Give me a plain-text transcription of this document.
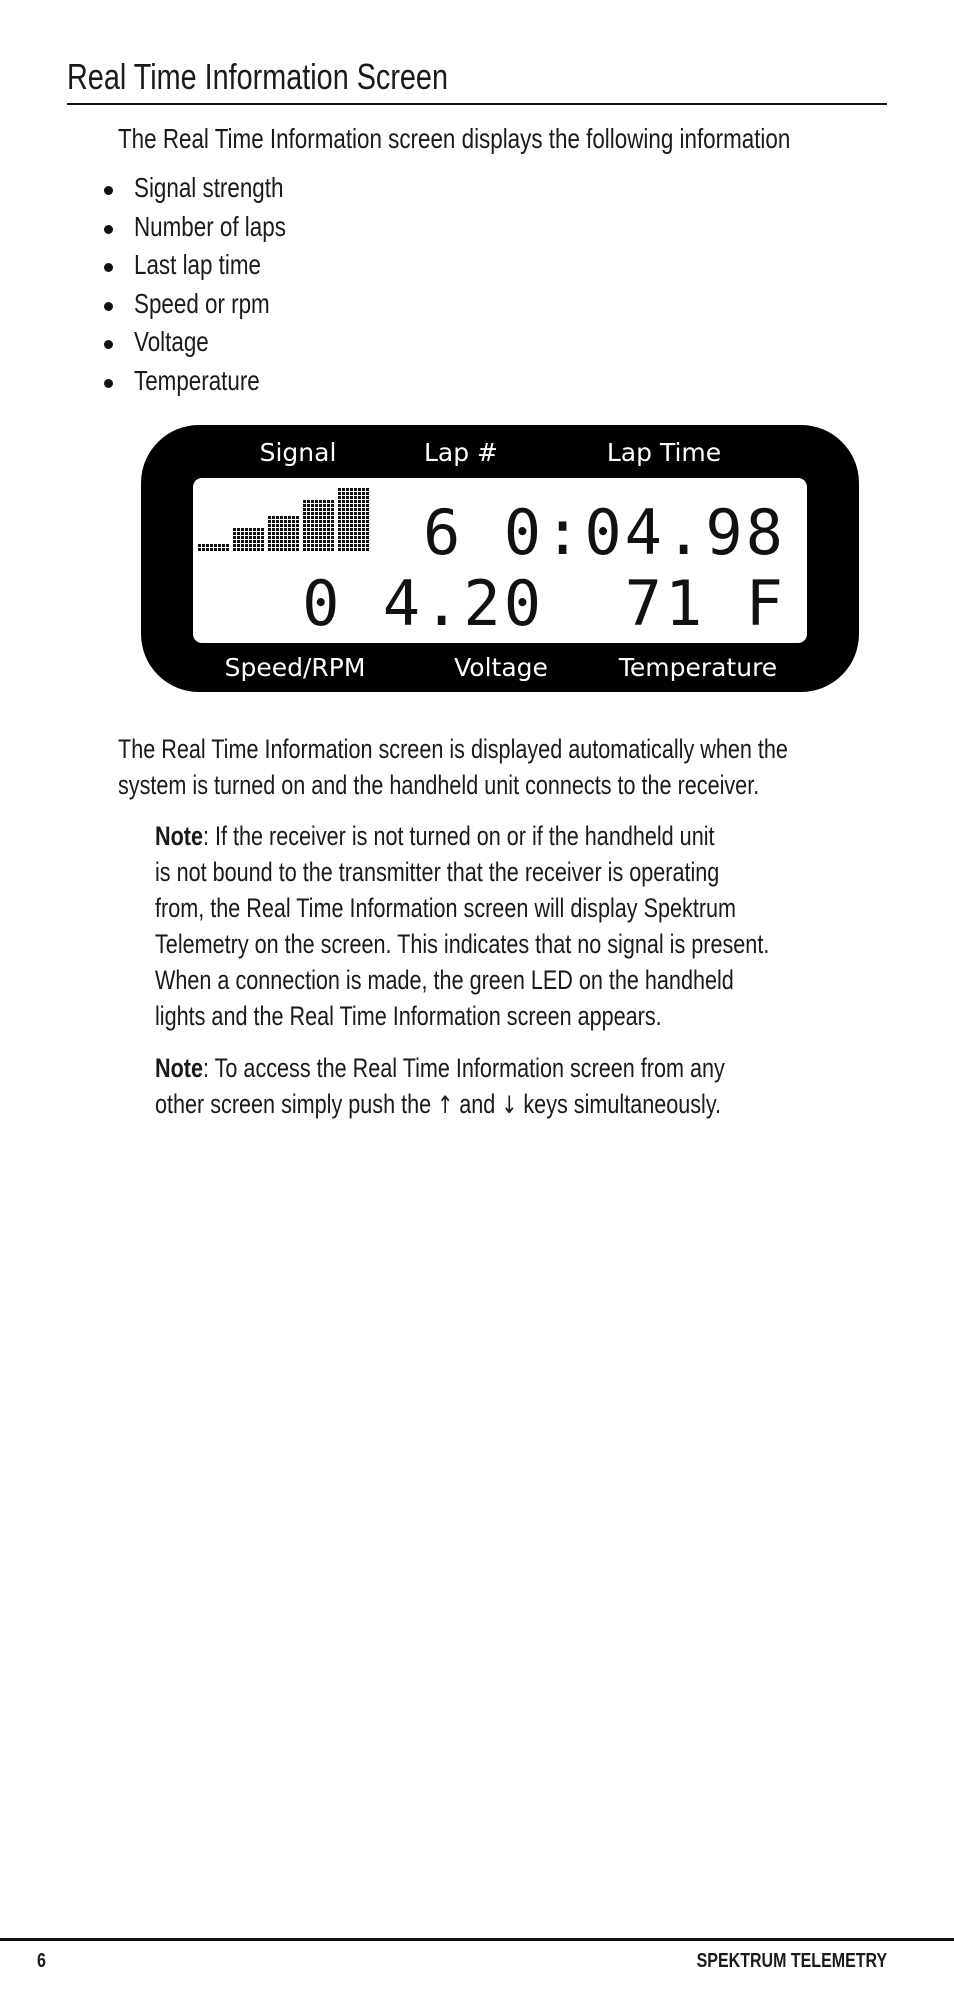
Real Time Information Screen
The Real Time Information screen displays the following information
Signal strength
Number of laps
Last lap time
Speed or rpm
Voltage
Temperature
Signal	Lap #	Lap Time
Speed/RPM	Voltage	Temperature
6 0:04.98
0 4.20  71 F
The Real Time Information screen is displayed automatically when the
system is turned on and the handheld unit connects to the receiver.
Note: If the receiver is not turned on or if the handheld unit
is not bound to the transmitter that the receiver is operating
from, the Real Time Information screen will display Spektrum
Telemetry on the screen. This indicates that no signal is present.
When a connection is made, the green LED on the handheld
lights and the Real Time Information screen appears.
Note: To access the Real Time Information screen from any
other screen simply push the ↑ and ↓ keys simultaneously.
6	SPEKTRUM TELEMETRY
